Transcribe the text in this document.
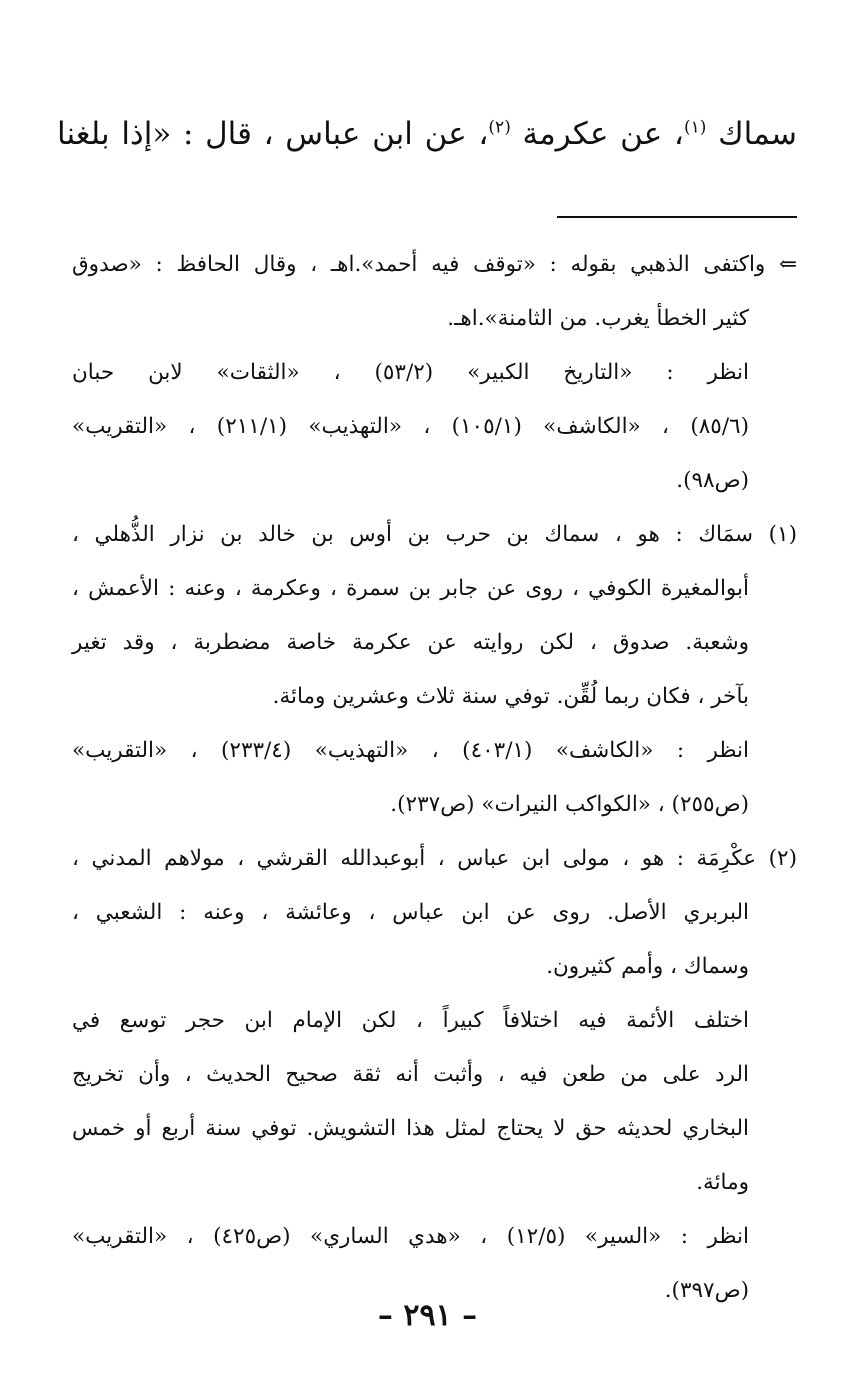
سماك $^{(١)}$، عن عكرمة $^{(٢)}$، عن ابن عباس ، قال : «إذا بلغنا
⇐ واكتفى الذهبي بقوله : «توقف فيه أحمد».اهـ ، وقال الحافظ : «صدوق
كثير الخطأ يغرب. من الثامنة».اهـ.
انظر : «التاريخ الكبير» (٥٣/٢) ، «الثقات» لابن حبان
(٨٥/٦) ، «الكاشف» (١٠٥/١) ، «التهذيب» (٢١١/١) ، «التقريب»
(ص٩٨).
(١) سمَاك : هو ، سماك بن حرب بن أوس بن خالد بن نزار الذُّهلي ،
أبوالمغيرة الكوفي ، روى عن جابر بن سمرة ، وعكرمة ، وعنه : الأعمش ،
وشعبة. صدوق ، لكن روايته عن عكرمة خاصة مضطربة ، وقد تغير
بآخر ، فكان ربما لُقِّن. توفي سنة ثلاث وعشرين ومائة.
انظر : «الكاشف» (٤٠٣/١) ، «التهذيب» (٢٣٣/٤) ، «التقريب»
(ص٢٥٥) ، «الكواكب النيرات» (ص٢٣٧).
(٢) عكْرِمَة : هو ، مولى ابن عباس ، أبوعبدالله القرشي ، مولاهم المدني ،
البربري الأصل. روى عن ابن عباس ، وعائشة ، وعنه : الشعبي ،
وسماك ، وأمم كثيرون.
اختلف الأئمة فيه اختلافاً كبيراً ، لكن الإمام ابن حجر توسع في
الرد على من طعن فيه ، وأثبت أنه ثقة صحيح الحديث ، وأن تخريج
البخاري لحديثه حق لا يحتاج لمثل هذا التشويش. توفي سنة أربع أو خمس
ومائة.
انظر : «السير» (١٢/٥) ، «هدي الساري» (ص٤٢٥) ، «التقريب»
(ص٣٩٧).
– ٢٩١ –
